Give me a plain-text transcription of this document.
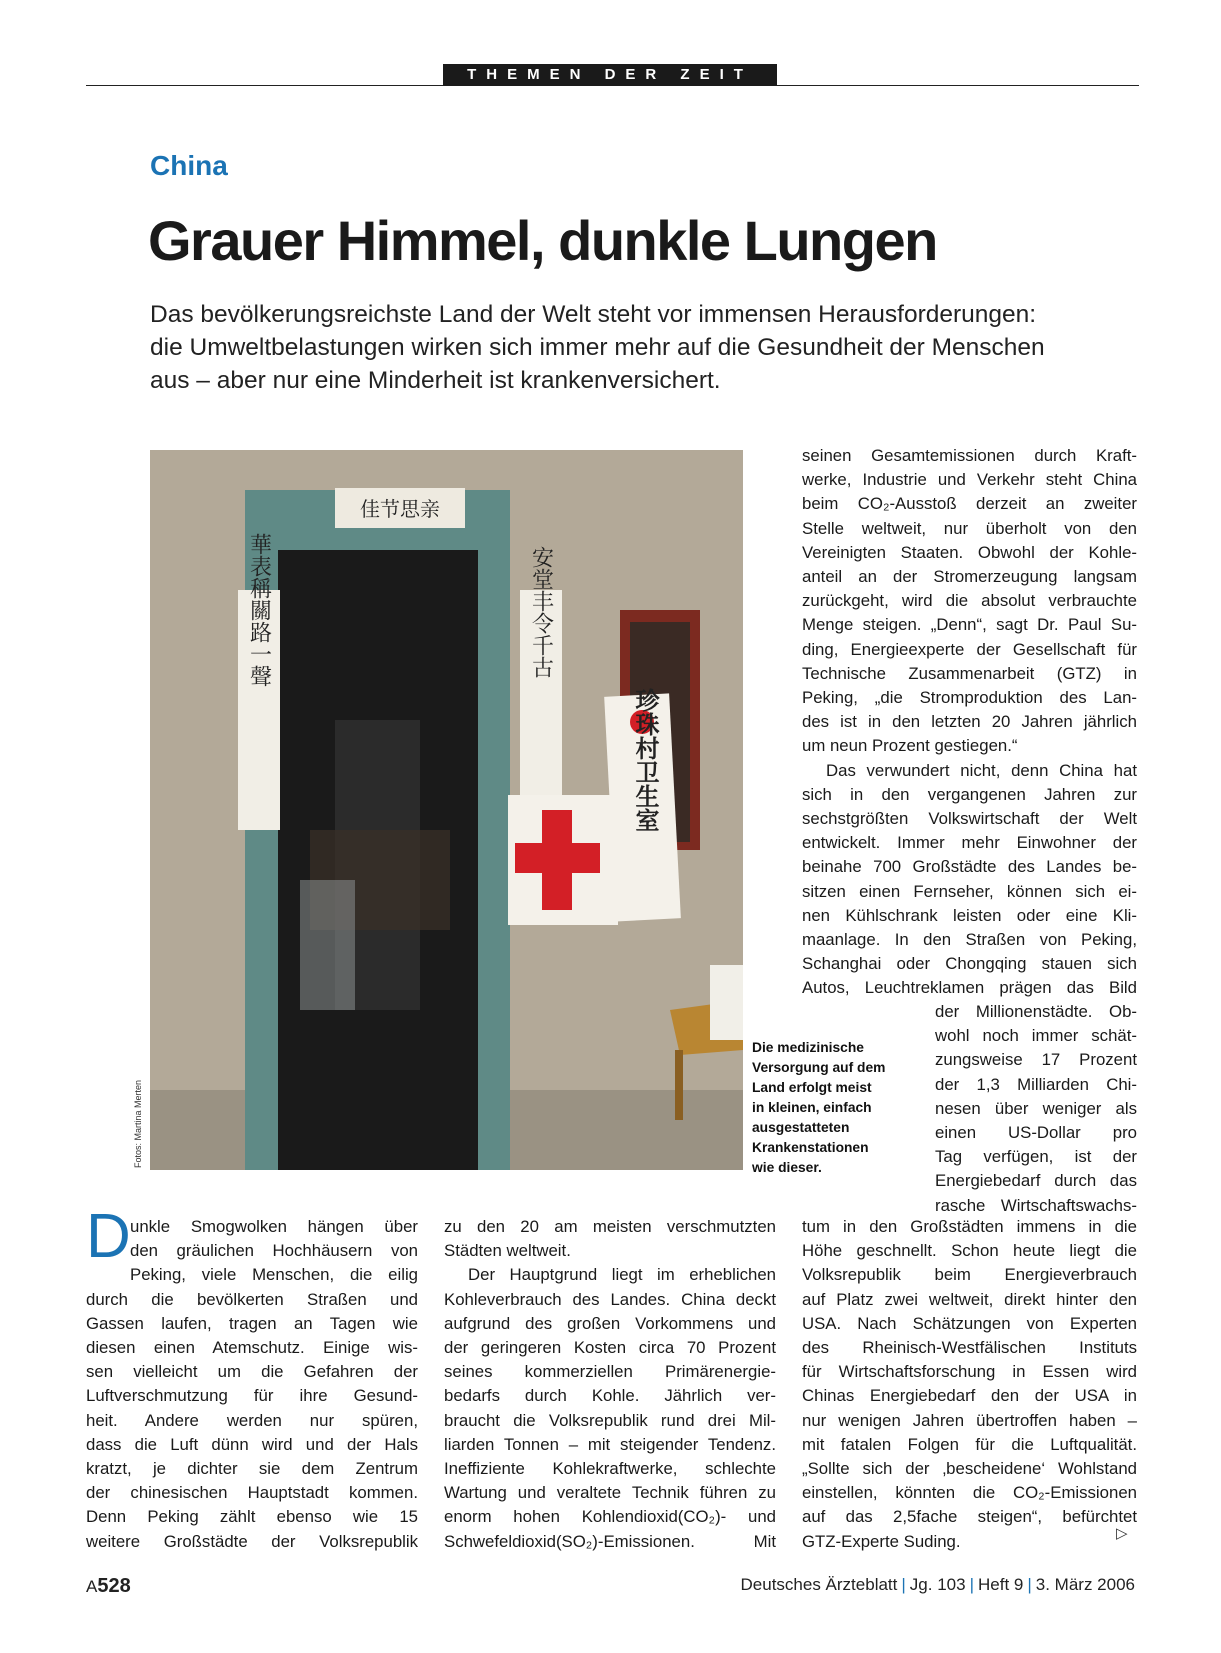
THEMEN DER ZEIT
China
Grauer Himmel, dunkle Lungen
Das bevölkerungsreichste Land der Welt steht vor immensen Herausforderungen:
die Umweltbelastungen wirken sich immer mehr auf die Gesundheit der Menschen
aus – aber nur eine Minderheit ist krankenversichert.
佳节思亲
華表稱關路一聲	安堂丰令千古
珍珠村卫生室
Fotos: Martina Merten
Die medizinische
Versorgung auf dem
Land erfolgt meist
in kleinen, einfach
ausgestatteten
Krankenstationen
wie dieser.
seinen Gesamtemissionen durch Kraft-
werke, Industrie und Verkehr steht China
beim CO₂-Ausstoß derzeit an zweiter
Stelle weltweit, nur überholt von den
Vereinigten Staaten. Obwohl der Kohle-
anteil an der Stromerzeugung langsam
zurückgeht, wird die absolut verbrauchte
Menge steigen. „Denn“, sagt Dr. Paul Su-
ding, Energieexperte der Gesellschaft für
Technische Zusammenarbeit (GTZ) in
Peking, „die Stromproduktion des Lan-
des ist in den letzten 20 Jahren jährlich
um neun Prozent gestiegen.“
Das verwundert nicht, denn China hat
sich in den vergangenen Jahren zur
sechstgrößten Volkswirtschaft der Welt
entwickelt. Immer mehr Einwohner der
beinahe 700 Großstädte des Landes be-
sitzen einen Fernseher, können sich ei-
nen Kühlschrank leisten oder eine Kli-
maanlage. In den Straßen von Peking,
Schanghai oder Chongqing stauen sich
Autos, Leuchtreklamen prägen das Bild
der Millionenstädte. Ob-
wohl noch immer schät-
zungsweise 17 Prozent
der 1,3 Milliarden Chi-
nesen über weniger als
einen US-Dollar pro
Tag verfügen, ist der
Energiebedarf durch das
rasche Wirtschaftswachs-
tum in den Großstädten immens in die
Höhe geschnellt. Schon heute liegt die
Volksrepublik beim Energieverbrauch
auf Platz zwei weltweit, direkt hinter den
USA. Nach Schätzungen von Experten
des Rheinisch-Westfälischen Instituts
für Wirtschaftsforschung in Essen wird
Chinas Energiebedarf den der USA in
nur wenigen Jahren übertroffen haben –
mit fatalen Folgen für die Luftqualität.
„Sollte sich der ‚bescheidene‘ Wohlstand
einstellen, könnten die CO₂-Emissionen
auf das 2,5fache steigen“, befürchtet
GTZ-Experte Suding.	▷
D unkle Smogwolken hängen über
den gräulichen Hochhäusern von
Peking, viele Menschen, die eilig
durch die bevölkerten Straßen und
Gassen laufen, tragen an Tagen wie
diesen einen Atemschutz. Einige wis-
sen vielleicht um die Gefahren der
Luftverschmutzung für ihre Gesund-
heit. Andere werden nur spüren,
dass die Luft dünn wird und der Hals
kratzt, je dichter sie dem Zentrum
der chinesischen Hauptstadt kommen.
Denn Peking zählt ebenso wie 15
weitere Großstädte der Volksrepublik
zu den 20 am meisten verschmutzten
Städten weltweit.
Der Hauptgrund liegt im erheblichen
Kohleverbrauch des Landes. China deckt
aufgrund des großen Vorkommens und
der geringeren Kosten circa 70 Prozent
seines kommerziellen Primärenergie-
bedarfs durch Kohle. Jährlich ver-
braucht die Volksrepublik rund drei Mil-
liarden Tonnen – mit steigender Tendenz.
Ineffiziente Kohlekraftwerke, schlechte
Wartung und veraltete Technik führen zu
enorm hohen Kohlendioxid(CO₂)- und
Schwefeldioxid(SO₂)-Emissionen. Mit
A528	Deutsches Ärzteblatt | Jg. 103 | Heft 9 | 3. März 2006
